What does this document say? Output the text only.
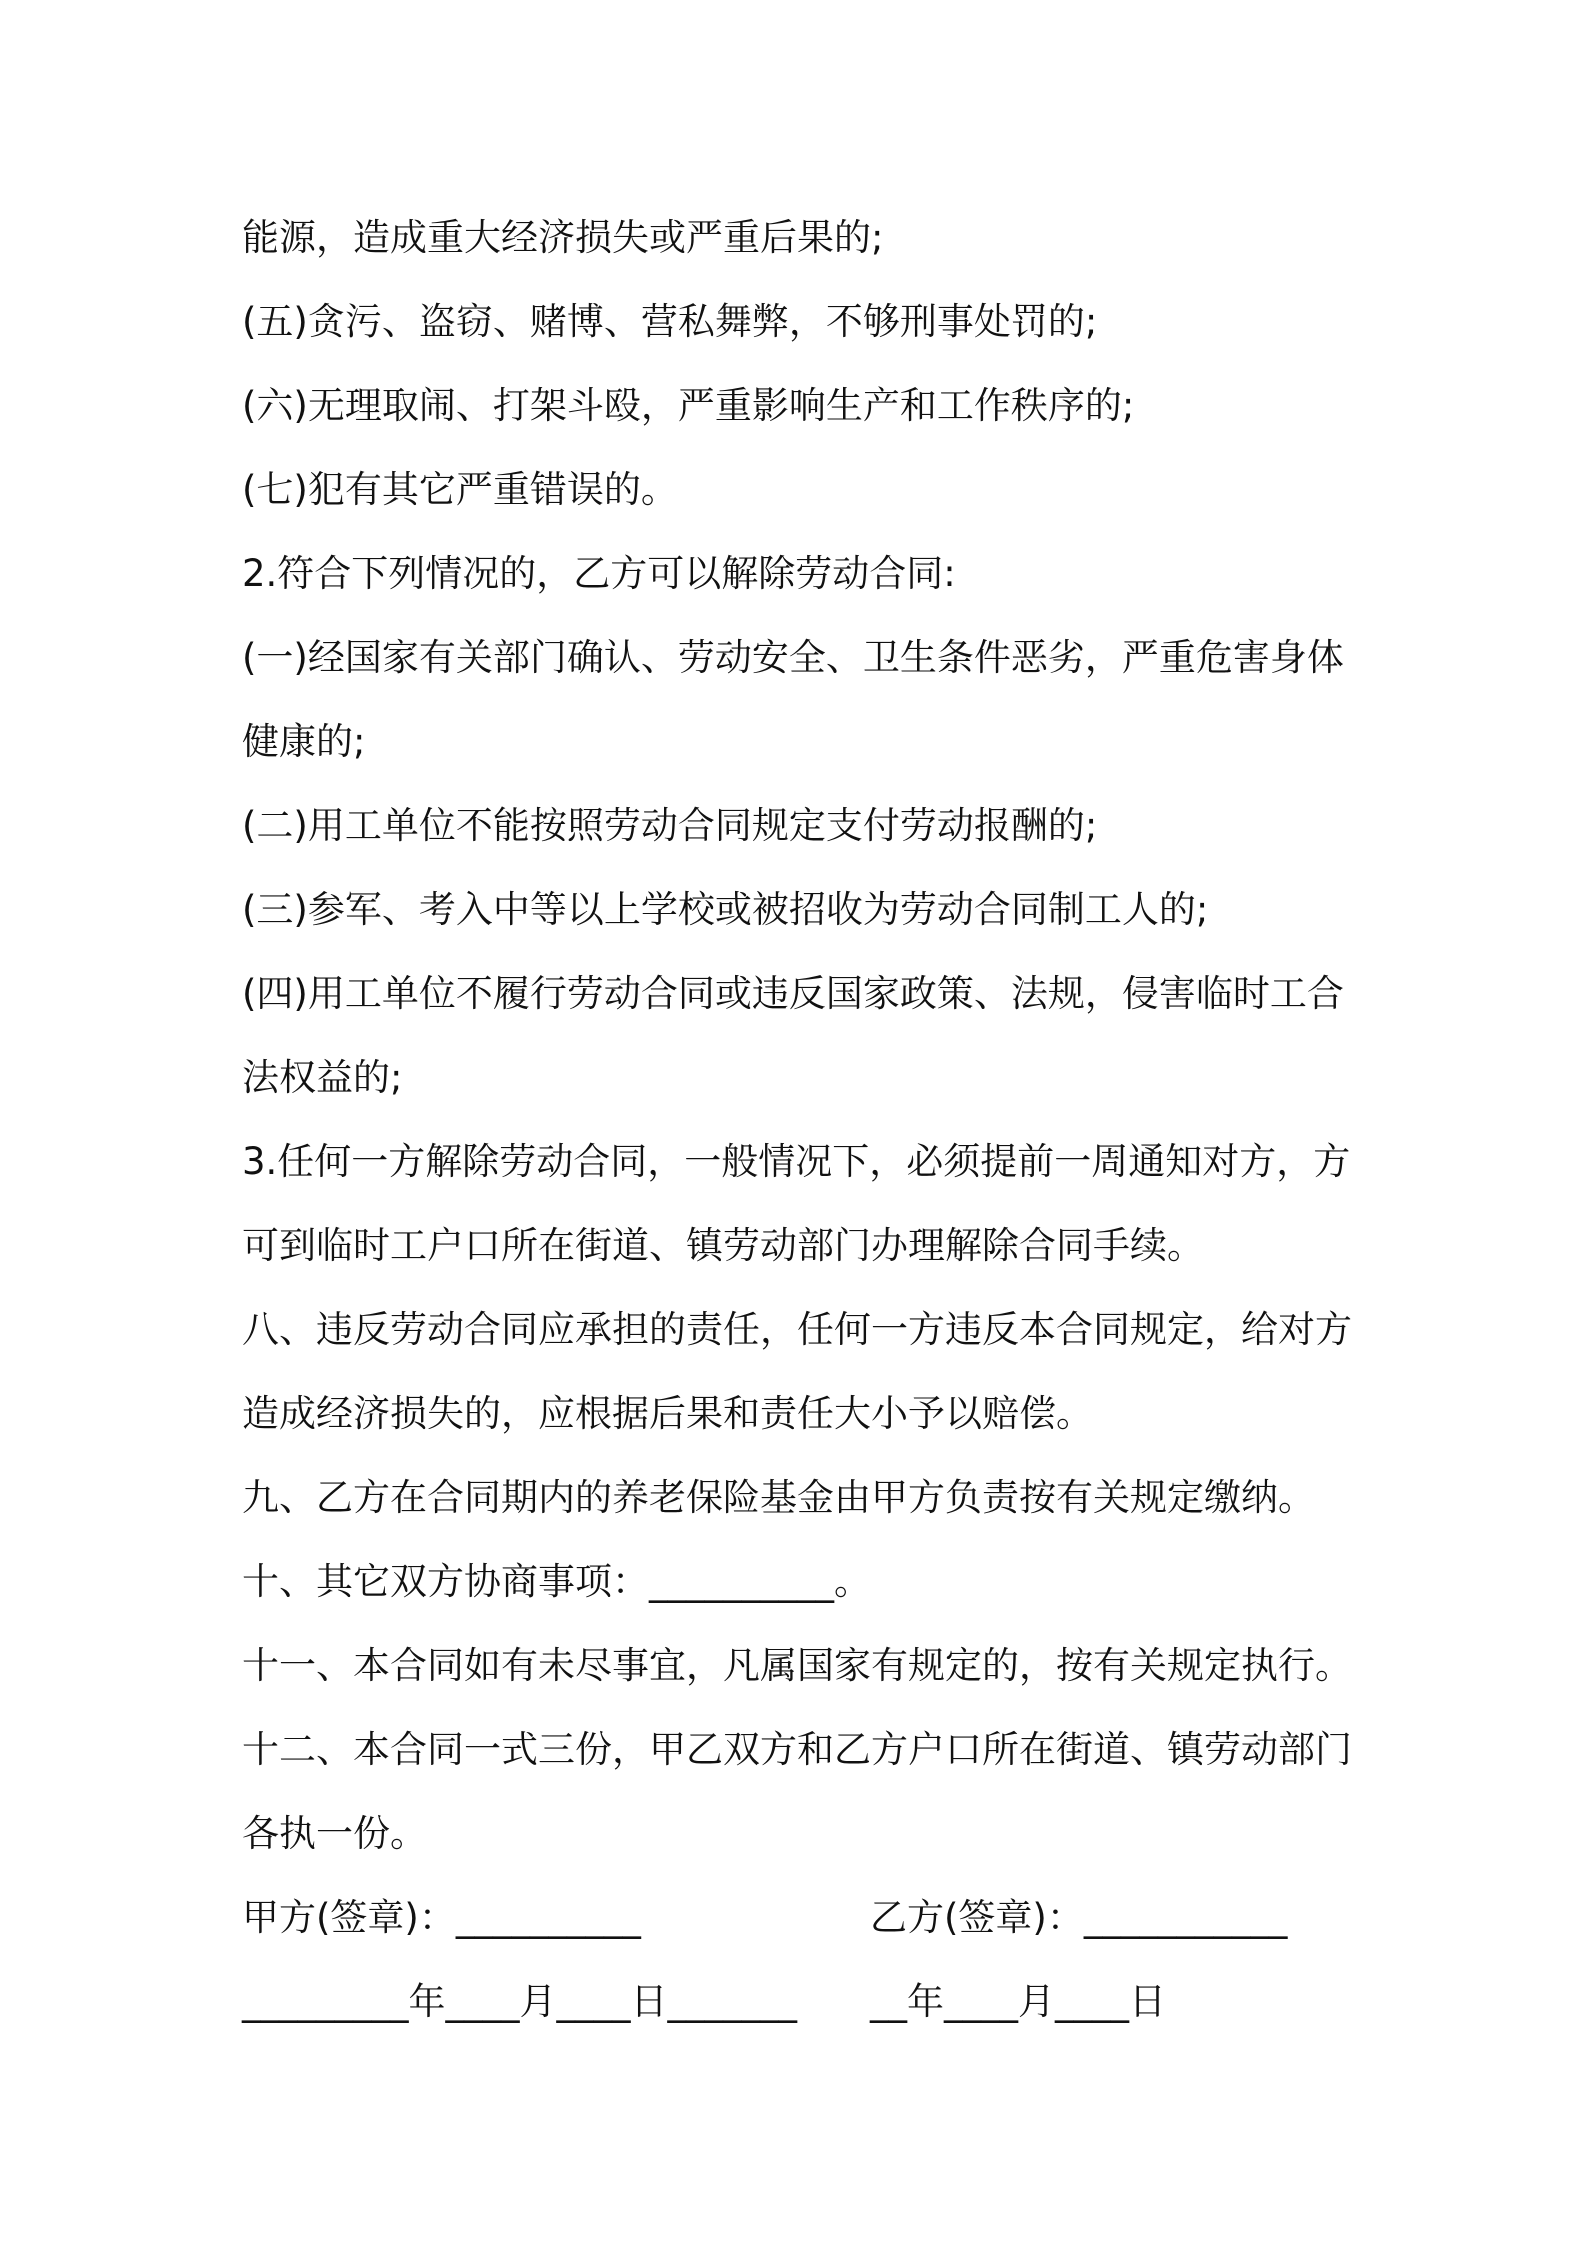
能源，造成重大经济损失或严重后果的;

(五)贪污、盗窃、赌博、营私舞弊，不够刑事处罚的;

(六)无理取闹、打架斗殴，严重影响生产和工作秩序的;

(七)犯有其它严重错误的。

2.符合下列情况的，乙方可以解除劳动合同:

(一)经国家有关部门确认、劳动安全、卫生条件恶劣，严重危害身体健康的;

(二)用工单位不能按照劳动合同规定支付劳动报酬的;

(三)参军、考入中等以上学校或被招收为劳动合同制工人的;

(四)用工单位不履行劳动合同或违反国家政策、法规，侵害临时工合法权益的;

3.任何一方解除劳动合同，一般情况下，必须提前一周通知对方，方可到临时工户口所在街道、镇劳动部门办理解除合同手续。

八、违反劳动合同应承担的责任，任何一方违反本合同规定，给对方造成经济损失的，应根据后果和责任大小予以赔偿。

九、乙方在合同期内的养老保险基金由甲方负责按有关规定缴纳。

十、其它双方协商事项：__________。

十一、本合同如有未尽事宜，凡属国家有规定的，按有关规定执行。

十二、本合同一式三份，甲乙双方和乙方户口所在街道、镇劳动部门各执一份。

甲方(签章)：__________	乙方(签章)：___________
_________年____月____日_______ __年____月____日
